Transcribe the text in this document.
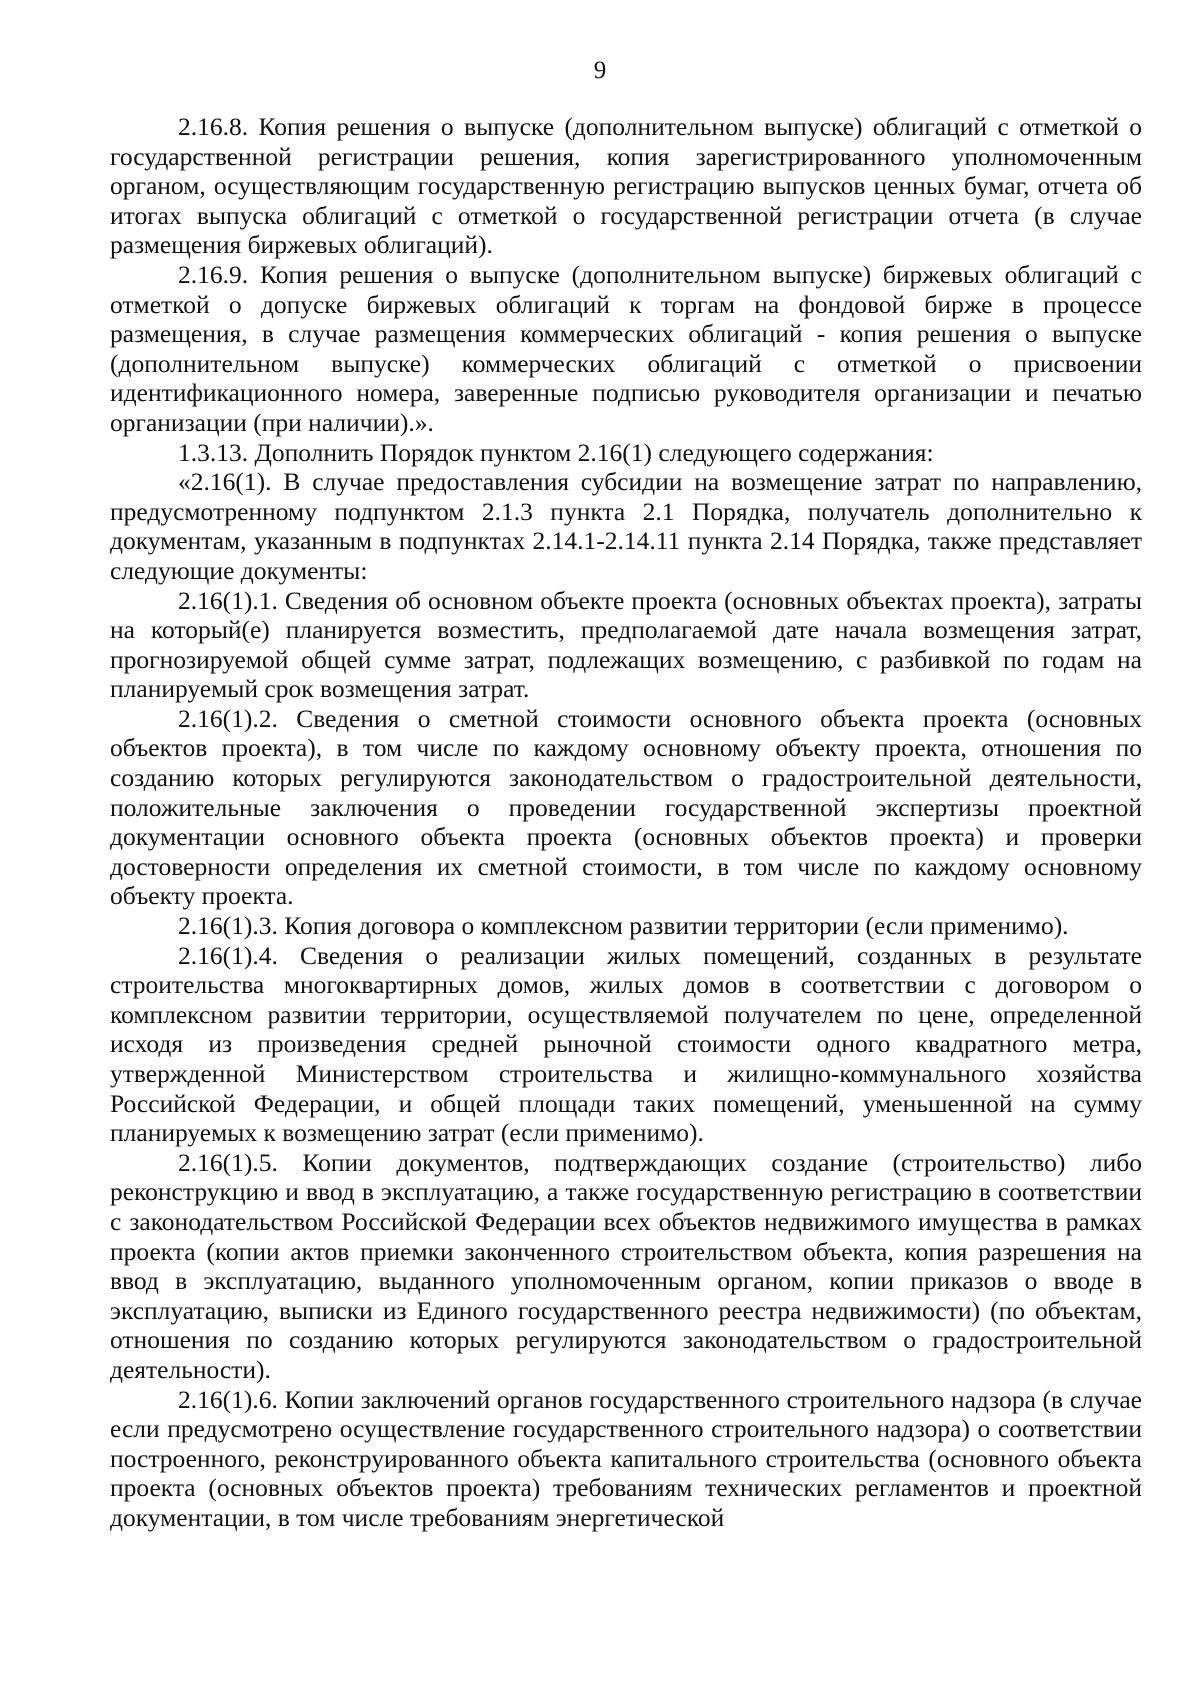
9

2.16.8. Копия решения о выпуске (дополнительном выпуске) облигаций с отметкой о государственной регистрации решения, копия зарегистрированного уполномоченным органом, осуществляющим государственную регистрацию выпусков ценных бумаг, отчета об итогах выпуска облигаций с отметкой о государственной регистрации отчета (в случае размещения биржевых облигаций).

2.16.9. Копия решения о выпуске (дополнительном выпуске) биржевых облигаций с отметкой о допуске биржевых облигаций к торгам на фондовой бирже в процессе размещения, в случае размещения коммерческих облигаций - копия решения о выпуске (дополнительном выпуске) коммерческих облигаций с отметкой о присвоении идентификационного номера, заверенные подписью руководителя организации и печатью организации (при наличии).».

1.3.13. Дополнить Порядок пунктом 2.16(1) следующего содержания:

«2.16(1). В случае предоставления субсидии на возмещение затрат по направлению, предусмотренному подпунктом 2.1.3 пункта 2.1 Порядка, получатель дополнительно к документам, указанным в подпунктах 2.14.1-2.14.11 пункта 2.14 Порядка, также представляет следующие документы:

2.16(1).1. Сведения об основном объекте проекта (основных объектах проекта), затраты на который(е) планируется возместить, предполагаемой дате начала возмещения затрат, прогнозируемой общей сумме затрат, подлежащих возмещению, с разбивкой по годам на планируемый срок возмещения затрат.

2.16(1).2. Сведения о сметной стоимости основного объекта проекта (основных объектов проекта), в том числе по каждому основному объекту проекта, отношения по созданию которых регулируются законодательством о градостроительной деятельности, положительные заключения о проведении государственной экспертизы проектной документации основного объекта проекта (основных объектов проекта) и проверки достоверности определения их сметной стоимости, в том числе по каждому основному объекту проекта.

2.16(1).3. Копия договора о комплексном развитии территории (если применимо).

2.16(1).4. Сведения о реализации жилых помещений, созданных в результате строительства многоквартирных домов, жилых домов в соответствии с договором о комплексном развитии территории, осуществляемой получателем по цене, определенной исходя из произведения средней рыночной стоимости одного квадратного метра, утвержденной Министерством строительства и жилищно-коммунального хозяйства Российской Федерации, и общей площади таких помещений, уменьшенной на сумму планируемых к возмещению затрат (если применимо).

2.16(1).5. Копии документов, подтверждающих создание (строительство) либо реконструкцию и ввод в эксплуатацию, а также государственную регистрацию в соответствии с законодательством Российской Федерации всех объектов недвижимого имущества в рамках проекта (копии актов приемки законченного строительством объекта, копия разрешения на ввод в эксплуатацию, выданного уполномоченным органом, копии приказов о вводе в эксплуатацию, выписки из Единого государственного реестра недвижимости) (по объектам, отношения по созданию которых регулируются законодательством о градостроительной деятельности).

2.16(1).6. Копии заключений органов государственного строительного надзора (в случае если предусмотрено осуществление государственного строительного надзора) о соответствии построенного, реконструированного объекта капитального строительства (основного объекта проекта (основных объектов проекта) требованиям технических регламентов и проектной документации, в том числе требованиям энергетической
